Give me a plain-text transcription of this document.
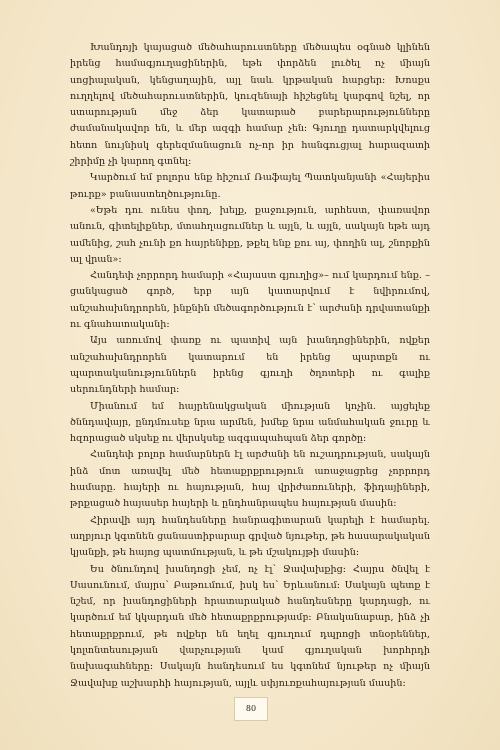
Խանդոյի կայացած մեծահարուստները մեծապես օգնած կլինեն իրենց համագյուղացիներին, եթե փորձեն լուծել ոչ միայն սոցիալական, կենցաղային, այլ նաև կրթական հարցեր։ Խոսքս ուղղելով մեծահարուստներին, կուզենայի հիշեցնել կարգով նշել, որ ստարության մեջ ձեր կատարած բարերարությունները ժամանակավոր են, և մեր ազգի համար չեն։ Գյուղը դատարկվելուց հետո նույնիսկ գերեզմանացուն ոչ-որ իր հանգուցյալ հարազատի շիրիմը չի կարող գտնել։

Կարծում եմ բոլորս ենք հիշում Ռաֆայել Պատկանյանի «Հայերիս թուրք» բանաստեղծությունը․

«Եթե դու ունես փող, խելք, քաջություն, արհեստ, փառավոր անուն, գիտելիքներ, մտահղացումներ և այլն, և այլն, սակայն եթե այդ ամենից, շահ չունի քո հայրենիքը, թքել ենք քու այ, փողին ալ, շնորքին ալ վրան»։

Հանդեփ չորրորդ համարի «Հայաստ գյուղից»– ում կարդում ենք․ – ցանկացած գործ, երբ այն կատարվում է նվիրումով, անշահախնդրորեն, ինքնին մեծագործություն է՝ արժանի դրվատանքի ու գնահատականի։

Այս առումով փառք ու պատիվ այն խանդոցիներին, ովքեր անշահախնդրորեն կատարում են իրենց պարտքն ու պարտականություններն իրենց գյուղի ծղոտերի ու գալիք սերունդների համար։

Միանում եմ հայրենակցական միության կոչին․ այցելեք ծննդավայր, ընդմուսեք նրա արմեն, խմեք նրա անմահական ջուրը և հզորացած սկսեք ու վերսկսեք ազգապահպան ձեր գործը։

Հանդեփ բոլոր համարներն էլ արժանի են ուշադրության, սակայն ինձ մոտ առավել մեծ հետաքրքրություն առաջացրեց չորրորդ համարը․ հայերի ու հայության, հայ վրիժառուների, ֆիդայիների, թրքացած հայասեր հայերի և ընդհանրապես հայության մասին։

Հիրավի այդ հանդեսները հանրագիտարան կարելի է համարել․ աղբյուր կգտնեն ցանաստիբարար գրված նյութեր, թե հասարակական կյանքի, թե հայոց պատմության, և թե մշակույթի մասին։

Ես ծնունդով խանդոցի չեմ, ոչ էլ՝ Ջավախքից։ Հայրս ծնվել է Սասունում, մայրս՝ Բաթումում, իսկ ես՝ Երևանում։ Սակայն պետք է նշեմ, որ խանդոցիների հրատարակած հանդեսները կարդացի, ու կարծում եմ կկարդան մեծ հետաքրքրությամբ։ Բնականաբար, ինձ չի հետաքրքրում, թե ովքեր են եղել գյուղում դպրոցի տնօրեններ, կոլտնտեսության վարչության կամ գյուղական խորհրդի նախագահները։ Սակայն հանդեսում ես կգտնեմ նյութեր ոչ միայն Ջավախք աշխարհի հայության, այլև սփյուռքահայության մասին։

80
